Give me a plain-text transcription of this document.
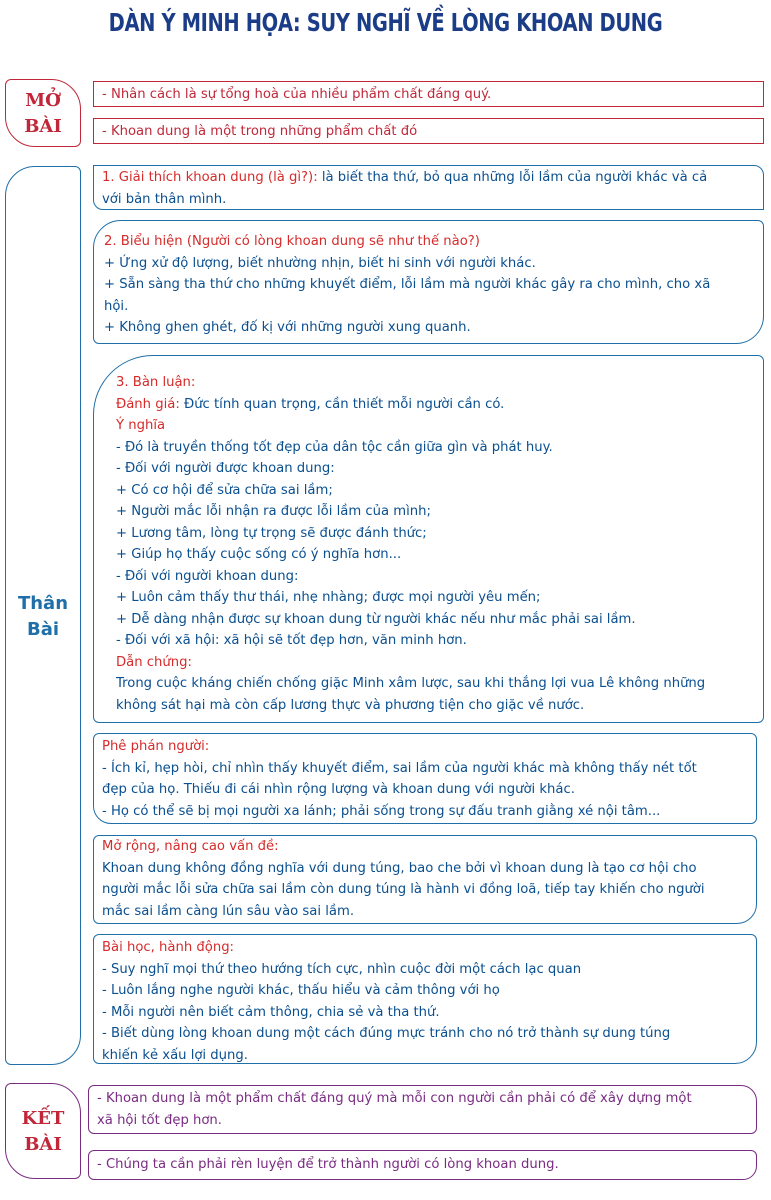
DÀN Ý MINH HỌA: SUY NGHĨ VỀ LÒNG KHOAN DUNG
MỞ
BÀI
- Nhân cách là sự tổng hoà của nhiều phẩm chất đáng quý.
- Khoan dung là một trong những phẩm chất đó
Thân
Bài
1. Giải thích khoan dung (là gì?): là biết tha thứ, bỏ qua những lỗi lầm của người khác và cả
với bản thân mình.
2. Biểu hiện (Người có lòng khoan dung sẽ như thế nào?)
+ Ứng xử độ lượng, biết nhường nhịn, biết hi sinh với người khác.
+ Sẵn sàng tha thứ cho những khuyết điểm, lỗi lầm mà người khác gây ra cho mình, cho xã
hội.
+ Không ghen ghét, đố kị với những người xung quanh.
3. Bàn luận:
Đánh giá: Đức tính quan trọng, cần thiết mỗi người cần có.
Ý nghĩa
- Đó là truyền thống tốt đẹp của dân tộc cần giữa gìn và phát huy.
- Đối với người được khoan dung:
+ Có cơ hội để sửa chữa sai lầm;
+ Người mắc lỗi nhận ra được lỗi lầm của mình;
+ Lương tâm, lòng tự trọng sẽ được đánh thức;
+ Giúp họ thấy cuộc sống có ý nghĩa hơn...
- Đối với người khoan dung:
+ Luôn cảm thấy thư thái, nhẹ nhàng; được mọi người yêu mến;
+ Dễ dàng nhận được sự khoan dung từ người khác nếu như mắc phải sai lầm.
- Đối với xã hội: xã hội sẽ tốt đẹp hơn, văn minh hơn.
Dẫn chứng:
Trong cuộc kháng chiến chống giặc Minh xâm lược, sau khi thắng lợi vua Lê không những
không sát hại mà còn cấp lương thực và phương tiện cho giặc về nước.
Phê phán người:
- Ích kỉ, hẹp hòi, chỉ nhìn thấy khuyết điểm, sai lầm của người khác mà không thấy nét tốt
đẹp của họ. Thiếu đi cái nhìn rộng lượng và khoan dung với người khác.
- Họ có thể sẽ bị mọi người xa lánh; phải sống trong sự đấu tranh giằng xé nội tâm...
Mở rộng, nâng cao vấn đề:
Khoan dung không đồng nghĩa với dung túng, bao che bởi vì khoan dung là tạo cơ hội cho
người mắc lỗi sửa chữa sai lầm còn dung túng là hành vi đồng loã, tiếp tay khiến cho người
mắc sai lầm càng lún sâu vào sai lầm.
Bài học, hành động:
- Suy nghĩ mọi thứ theo hướng tích cực, nhìn cuộc đời một cách lạc quan
- Luôn lắng nghe người khác, thấu hiểu và cảm thông với họ
- Mỗi người nên biết cảm thông, chia sẻ và tha thứ.
- Biết dùng lòng khoan dung một cách đúng mực tránh cho nó trở thành sự dung túng
khiến kẻ xấu lợi dụng.
KẾT
BÀI
- Khoan dung là một phẩm chất đáng quý mà mỗi con người cần phải có để xây dựng một
xã hội tốt đẹp hơn.
- Chúng ta cần phải rèn luyện để trở thành người có lòng khoan dung.
